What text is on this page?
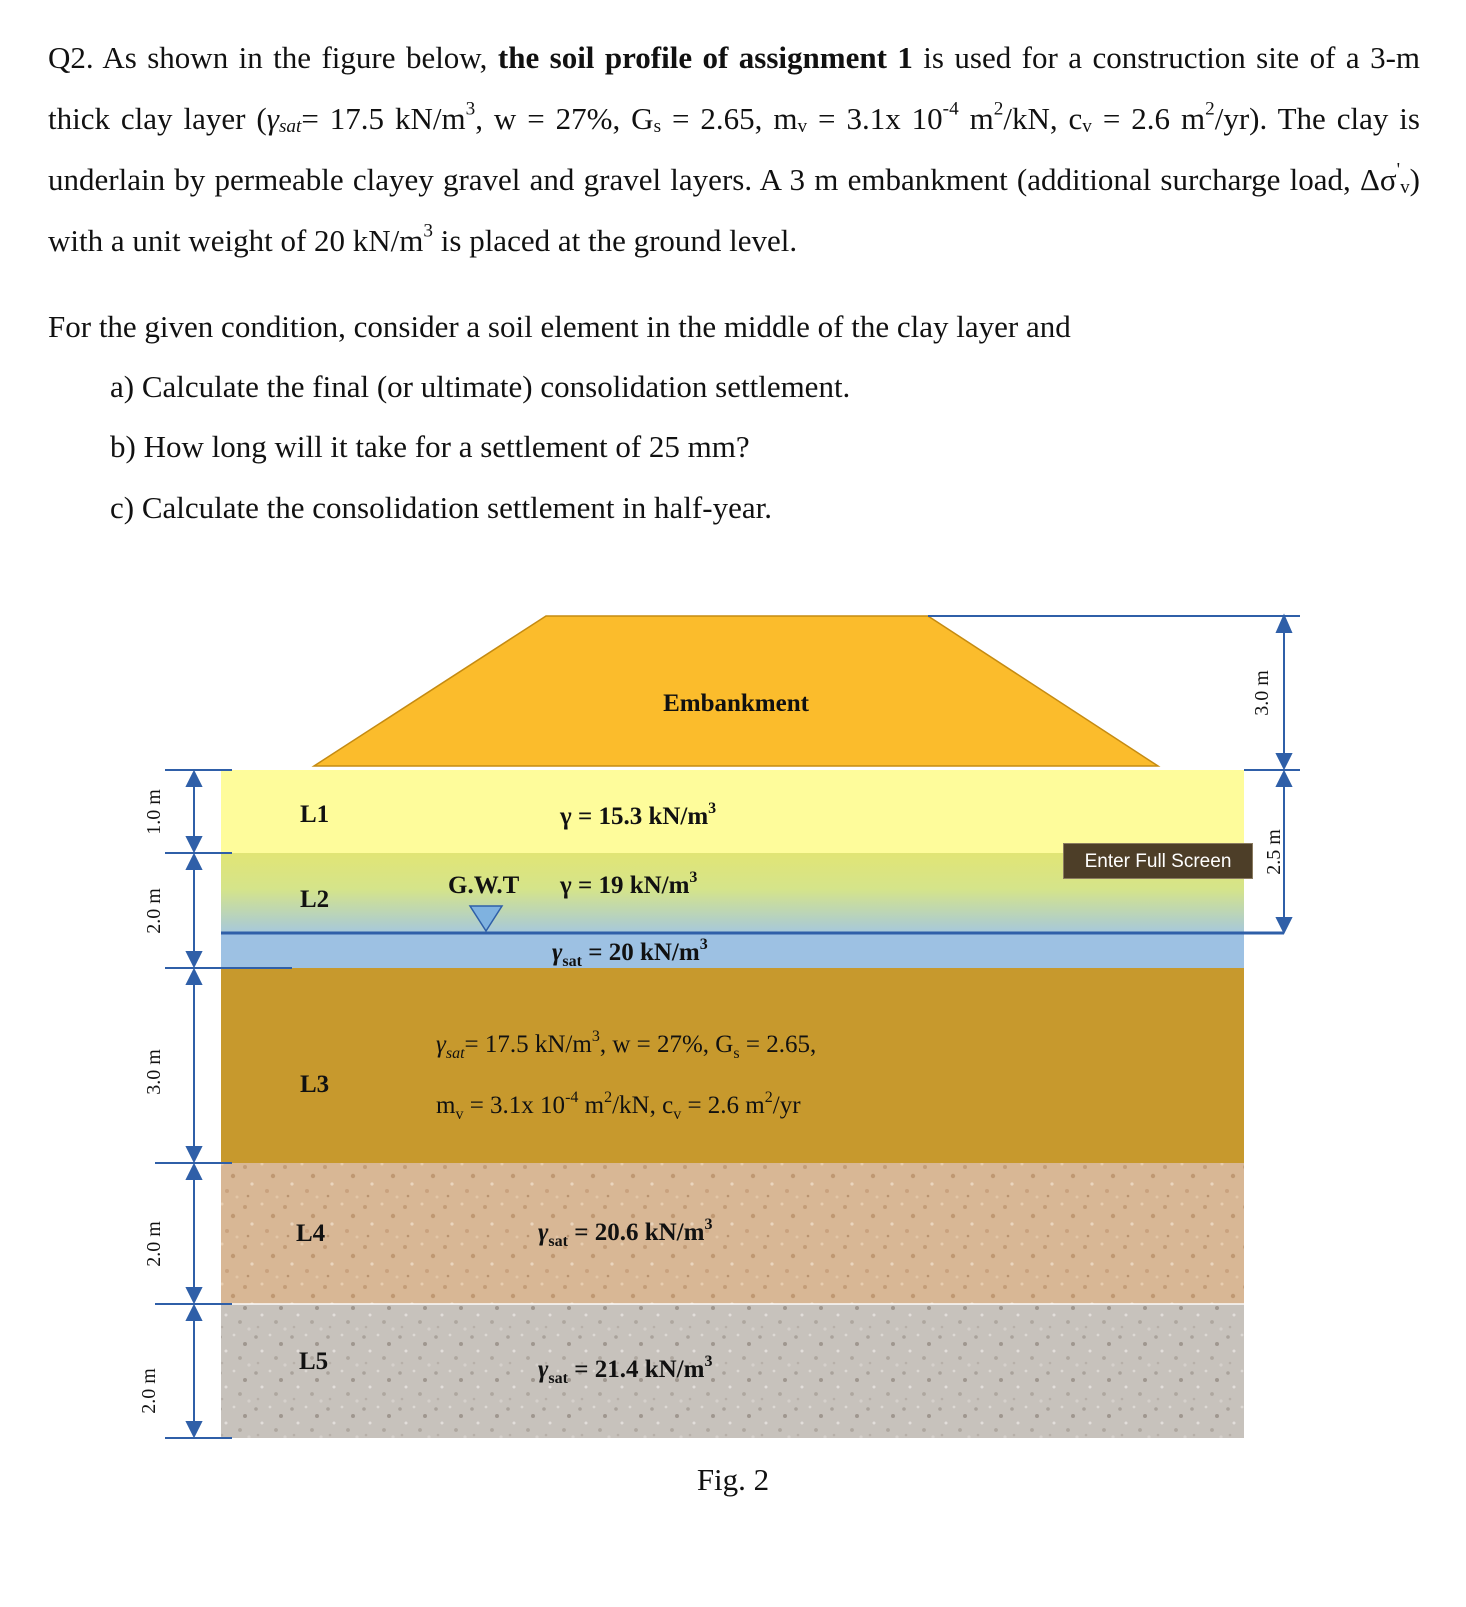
Q2. As shown in the figure below, the soil profile of assignment 1 is used for a construction site of a 3-m thick clay layer ($\gamma_{sat}= 17.5$ $kN/m^3$, w = 27%, $G_s = 2.65$, $m_v = 3.1x$ $10^{-4}$ $m^2/kN$, $c_v = 2.6$ $m^2/yr$). The clay is underlain by permeable clayey gravel and gravel layers. A 3 m embankment (additional surcharge load, $\Delta\sigma'_v$) with a unit weight of 20 $kN/m^3$ is placed at the ground level.
For the given condition, consider a soil element in the middle of the clay layer and
a) Calculate the final (or ultimate) consolidation settlement.
b) How long will it take for a settlement of 25 mm?
c) Calculate the consolidation settlement in half-year.
Embankment
L1
L2
L3
L4
L5
γ = 15.3 $kN/m^3$
G.W.T γ = 19 $kN/m^3$
$\gamma_{sat} = 20$ $kN/m^3$
$\gamma_{sat}= 17.5$ $kN/m^3$, w = 27%, $G_s = 2.65$,
$m_v = 3.1x$ $10^{-4}$ $m^2/kN$, $c_v = 2.6$ $m^2/yr$
$\gamma_{sat} = 20.6$ $kN/m^3$
$\gamma_{sat} = 21.4$ $kN/m^3$
1.0 m
2.0 m
3.0 m
2.0 m
2.0 m
3.0 m
2.5 m
Fig. 2
Enter Full Screen
